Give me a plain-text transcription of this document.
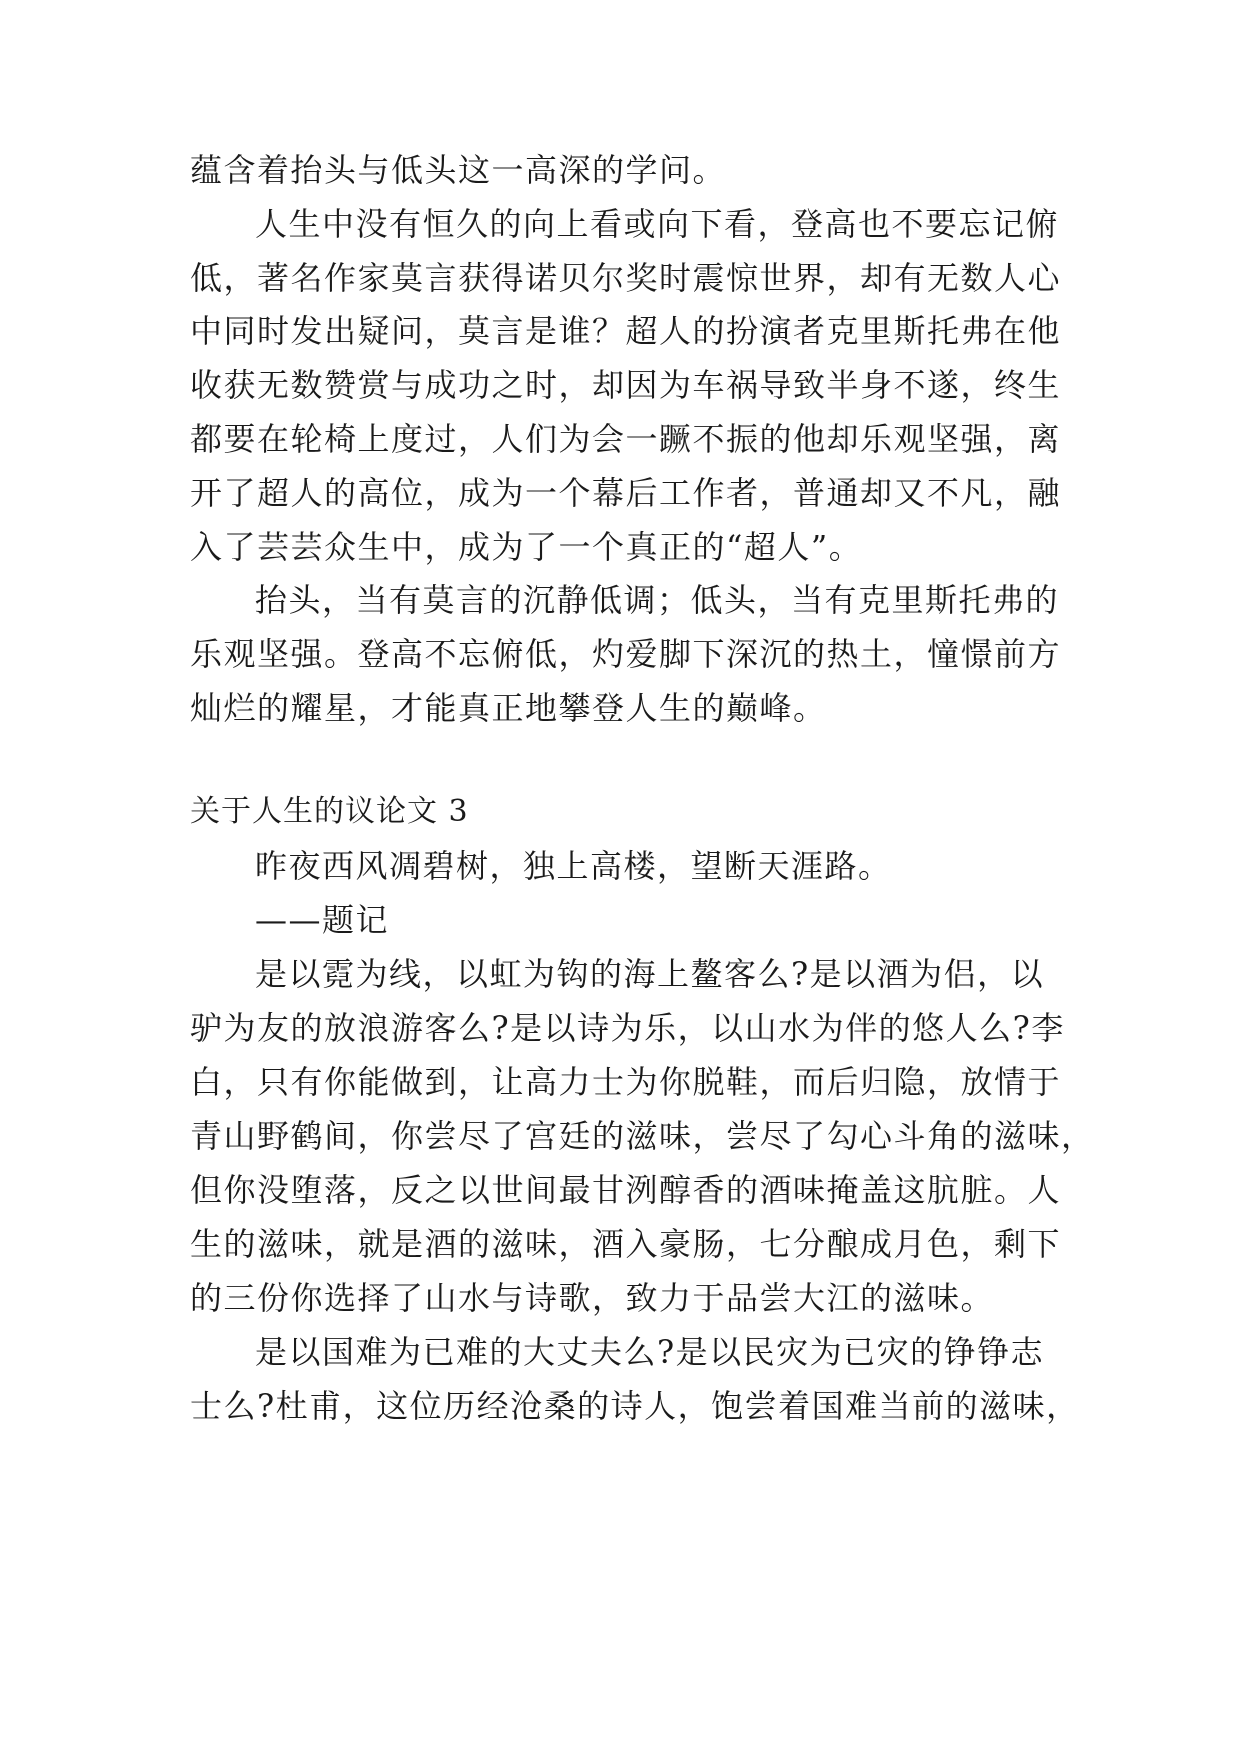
蕴含着抬头与低头这一高深的学问。
人生中没有恒久的向上看或向下看，登高也不要忘记俯
低，著名作家莫言获得诺贝尔奖时震惊世界，却有无数人心
中同时发出疑问，莫言是谁？超人的扮演者克里斯托弗在他
收获无数赞赏与成功之时，却因为车祸导致半身不遂，终生
都要在轮椅上度过，人们为会一蹶不振的他却乐观坚强，离
开了超人的高位，成为一个幕后工作者，普通却又不凡，融
入了芸芸众生中，成为了一个真正的“超人”。
抬头，当有莫言的沉静低调；低头，当有克里斯托弗的
乐观坚强。登高不忘俯低，灼爱脚下深沉的热土，憧憬前方
灿烂的耀星，才能真正地攀登人生的巅峰。
关于人生的议论文 3
昨夜西风凋碧树，独上高楼，望断天涯路。
——题记
是以霓为线，以虹为钩的海上鳌客么?是以酒为侣，以
驴为友的放浪游客么?是以诗为乐，以山水为伴的悠人么?李
白，只有你能做到，让高力士为你脱鞋，而后归隐，放情于
青山野鹤间，你尝尽了宫廷的滋味，尝尽了勾心斗角的滋味，
但你没堕落，反之以世间最甘洌醇香的酒味掩盖这肮脏。人
生的滋味，就是酒的滋味，酒入豪肠，七分酿成月色，剩下
的三份你选择了山水与诗歌，致力于品尝大江的滋味。
是以国难为已难的大丈夫么?是以民灾为已灾的铮铮志
士么?杜甫，这位历经沧桑的诗人，饱尝着国难当前的滋味，
